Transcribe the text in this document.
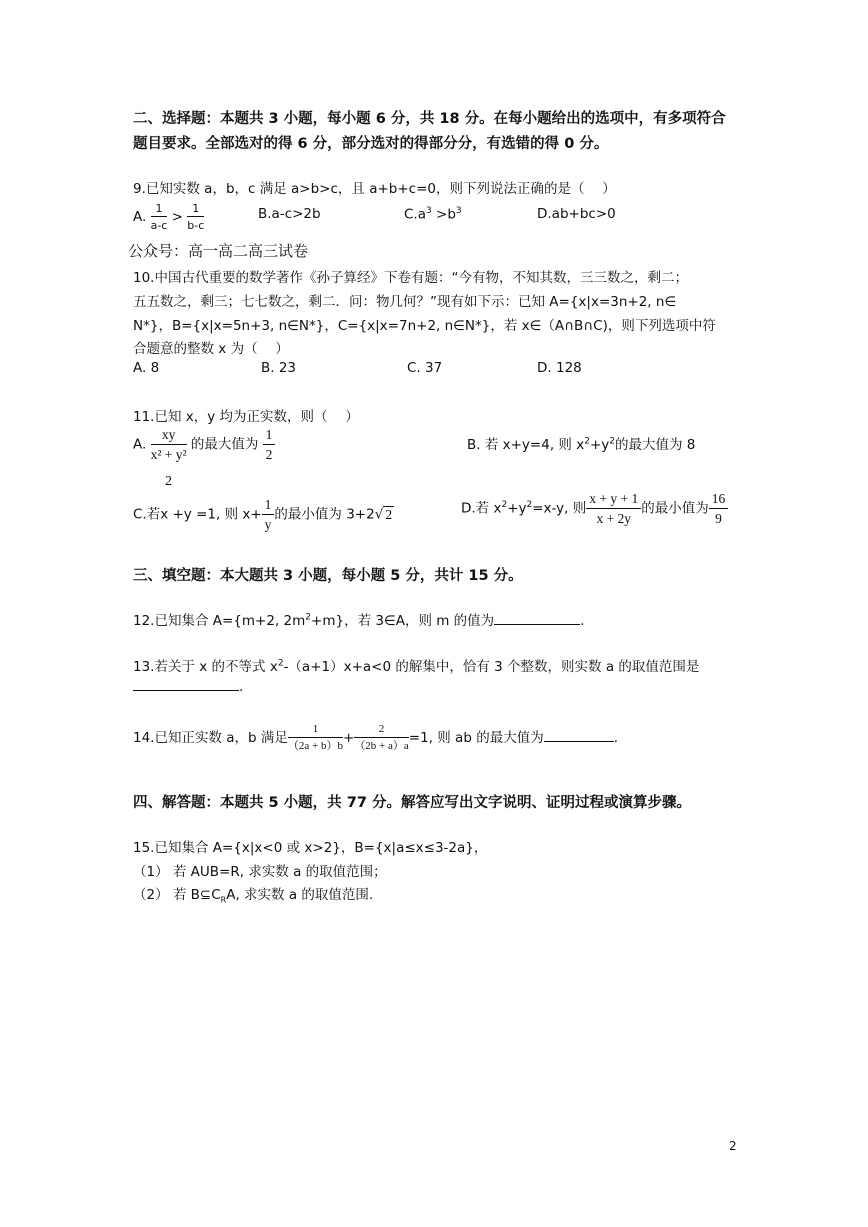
二、选择题：本题共 3 小题，每小题 6 分，共 18 分。在每小题给出的选项中，有多项符合
题目要求。全部选对的得 6 分，部分选对的得部分分，有选错的得 0 分。
9.已知实数 a，b，c 满足 a>b>c，且 a+b+c=0，则下列说法正确的是（　 ）
A. $\frac{1}{a-c} > \frac{1}{b-c}$	B.a-c>2b	$C.a^3 >b^3$	D.ab+bc>0
公众号：高一高二高三试卷
10.中国古代重要的数学著作《孙子算经》下卷有题：“今有物，不知其数，三三数之，剩二；
五五数之，剩三；七七数之，剩二．问：物几何？”现有如下示：已知 A={x|x=3n+2, n∈
N*}，B={x|x=5n+3, n∈N*}，C={x|x=7n+2, n∈N*}，若 x∈（A∩B∩C)，则下列选项中符
合题意的整数 x 为（　 ）
A. 8	B. 23	C. 37	D. 128
11.已知 x，y 均为正实数，则（　 ）
A. $\frac{xy}{\text{x² + y²}}$ 的最大值为 $\frac{1}{2}$	B. 若 x+y=4, 则 $x^2+y^2$的最大值为 8
2
C.若x +y =1, 则 $x+ \frac{1}{y}$ 的最小值为 3+2√ 2	D.若 $x^2+y^2=x-y$, 则 $\frac{x + y + 1}{x + 2y}$ 的最小值为 $\frac{16}{9}$
三、填空题：本大题共 3 小题，每小题 5 分，共计 15 分。
12.已知集合 A={m+2, $2m^2+m$}，若 3∈A，则 m 的值为	.
13.若关于 x 的不等式 $x^2-(a+1)x+a<0$ 的解集中，恰有 3 个整数，则实数 a 的取值范围是
.
14.已知正实数 a，b 满足 $\frac{1}{(2a + b)b} + \frac{2}{(2b + a)a} =1$, 则 ab 的最大值为	.
四、解答题：本题共 5 小题，共 77 分。解答应写出文字说明、证明过程或演算步骤。
15.已知集合 A={x|x<0 或 x>2}，B={x|a≤x≤3-2a}，
（1） 若 AUB=R, 求实数 a 的取值范围；
（2） 若 $B⊆C_RA$, 求实数 a 的取值范围.
2
